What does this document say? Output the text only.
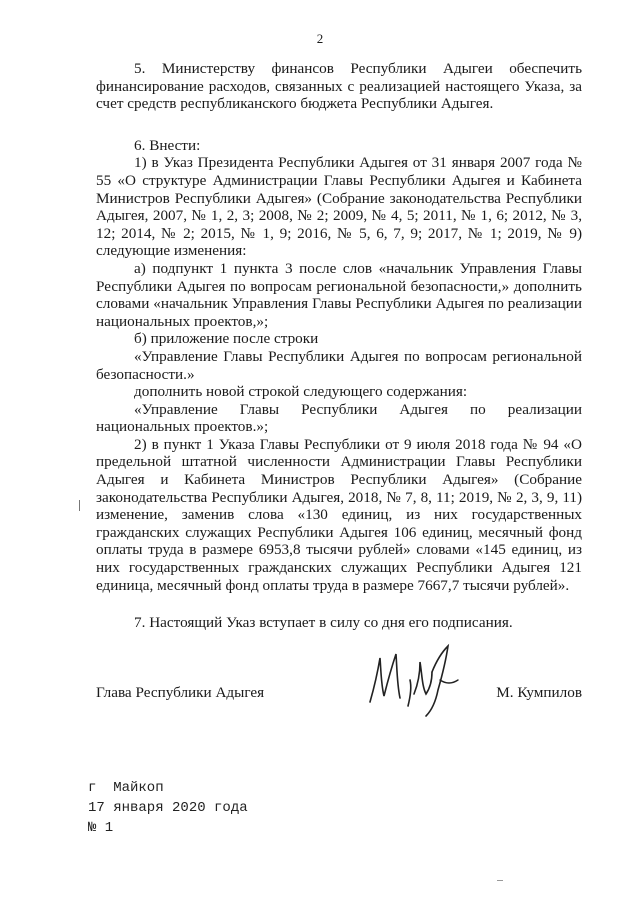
2

5. Министерству финансов Республики Адыгеи обеспечить финансирование расходов, связанных с реализацией настоящего Указа, за счет средств республиканского бюджета Республики Адыгея.

6. Внести:

1) в Указ Президента Республики Адыгея от 31 января 2007 года № 55 «О структуре Администрации Главы Республики Адыгея и Кабинета Министров Республики Адыгея» (Собрание законодательства Республики Адыгея, 2007, № 1, 2, 3; 2008, № 2; 2009, № 4, 5; 2011, № 1, 6; 2012, № 3, 12; 2014, № 2; 2015, № 1, 9; 2016, № 5, 6, 7, 9; 2017, № 1; 2019, № 9) следующие изменения:

а) подпункт 1 пункта 3 после слов «начальник Управления Главы Республики Адыгея по вопросам региональной безопасности,» дополнить словами «начальник Управления Главы Республики Адыгея по реализации национальных проектов,»;

б) приложение после строки

«Управление Главы Республики Адыгея по вопросам региональной безопасности.»

дополнить новой строкой следующего содержания:

«Управление Главы Республики Адыгея по реализации национальных проектов.»;

2) в пункт 1 Указа Главы Республики от 9 июля 2018 года № 94 «О предельной штатной численности Администрации Главы Республики Адыгея и Кабинета Министров Республики Адыгея» (Собрание законодательства Республики Адыгея, 2018, № 7, 8, 11; 2019, № 2, 3, 9, 11) изменение, заменив слова «130 единиц, из них государственных гражданских служащих Республики Адыгея 106 единиц, месячный фонд оплаты труда в размере 6953,8 тысячи рублей» словами «145 единиц, из них государственных гражданских служащих Республики Адыгея 121 единица, месячный фонд оплаты труда в размере 7667,7 тысячи рублей».

7. Настоящий Указ вступает в силу со дня его подписания.

Глава Республики Адыгея	М. Кумпилов
г  Майкоп
17 января 2020 года
№ 1
